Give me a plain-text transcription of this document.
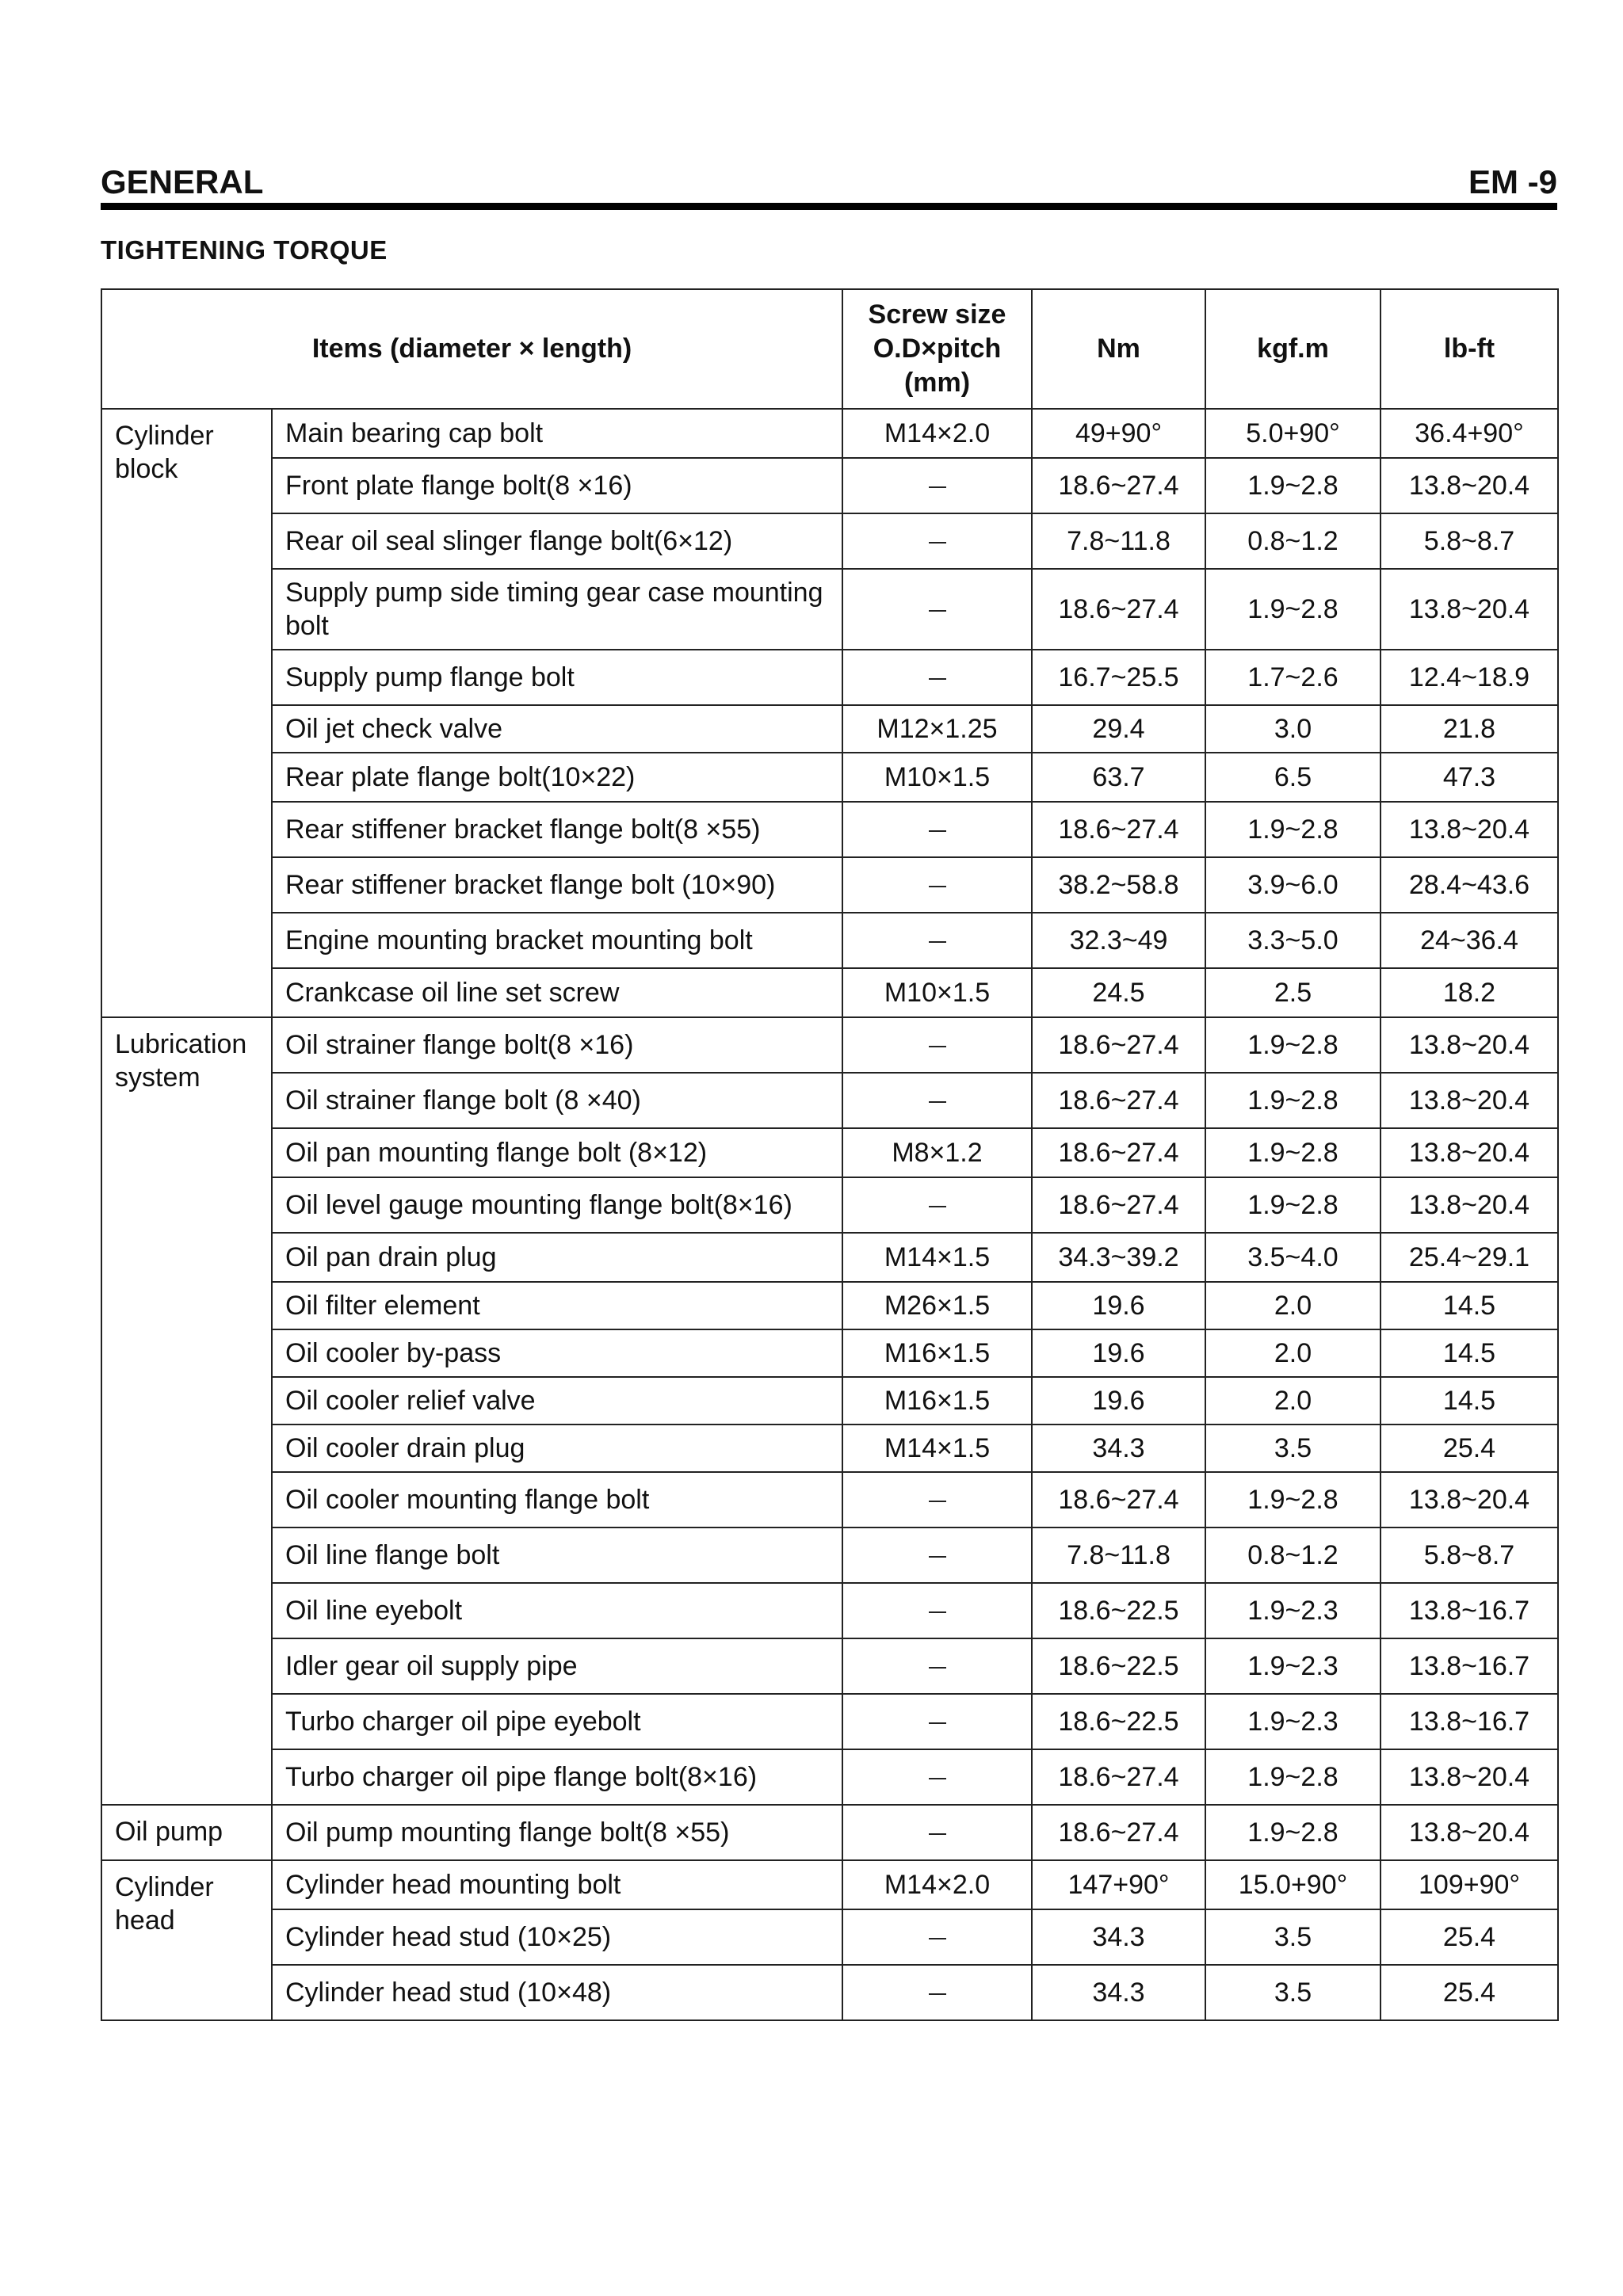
GENERAL	EM -9
TIGHTENING TORQUE
Items (diameter × length)		Screw size
O.D×pitch
(mm)	Nm	kgf.m	lb-ft
Cylinder block	Main bearing cap bolt	M14×2.0	49+90°	5.0+90°	36.4+90°
	Front plate flange bolt(8 ×16)		18.6~27.4	1.9~2.8	13.8~20.4
	Rear oil seal slinger flange bolt(6×12)		7.8~11.8	0.8~1.2	5.8~8.7
	Supply pump side timing gear case mounting bolt		18.6~27.4	1.9~2.8	13.8~20.4
	Supply pump flange bolt		16.7~25.5	1.7~2.6	12.4~18.9
	Oil jet check valve	M12×1.25	29.4	3.0	21.8
	Rear plate flange bolt(10×22)	M10×1.5	63.7	6.5	47.3
	Rear stiffener bracket flange bolt(8 ×55)		18.6~27.4	1.9~2.8	13.8~20.4
	Rear stiffener bracket flange bolt (10×90)		38.2~58.8	3.9~6.0	28.4~43.6
	Engine mounting bracket mounting bolt		32.3~49	3.3~5.0	24~36.4
	Crankcase oil line set screw	M10×1.5	24.5	2.5	18.2
Lubrication system	Oil strainer flange bolt(8 ×16)		18.6~27.4	1.9~2.8	13.8~20.4
	Oil strainer flange bolt (8 ×40)		18.6~27.4	1.9~2.8	13.8~20.4
	Oil pan mounting flange bolt (8×12)	M8×1.2	18.6~27.4	1.9~2.8	13.8~20.4
	Oil level gauge mounting flange bolt(8×16)		18.6~27.4	1.9~2.8	13.8~20.4
	Oil pan drain plug	M14×1.5	34.3~39.2	3.5~4.0	25.4~29.1
	Oil filter element	M26×1.5	19.6	2.0	14.5
	Oil cooler by-pass	M16×1.5	19.6	2.0	14.5
	Oil cooler relief valve	M16×1.5	19.6	2.0	14.5
	Oil cooler drain plug	M14×1.5	34.3	3.5	25.4
	Oil cooler mounting flange bolt		18.6~27.4	1.9~2.8	13.8~20.4
	Oil line flange bolt		7.8~11.8	0.8~1.2	5.8~8.7
	Oil line eyebolt		18.6~22.5	1.9~2.3	13.8~16.7
	Idler gear oil supply pipe		18.6~22.5	1.9~2.3	13.8~16.7
	Turbo charger oil pipe eyebolt		18.6~22.5	1.9~2.3	13.8~16.7
	Turbo charger oil pipe flange bolt(8×16)		18.6~27.4	1.9~2.8	13.8~20.4
Oil pump	Oil pump mounting flange bolt(8 ×55)		18.6~27.4	1.9~2.8	13.8~20.4
Cylinder head	Cylinder head mounting bolt	M14×2.0	147+90°	15.0+90°	109+90°
	Cylinder head stud (10×25)		34.3	3.5	25.4
	Cylinder head stud (10×48)		34.3	3.5	25.4
